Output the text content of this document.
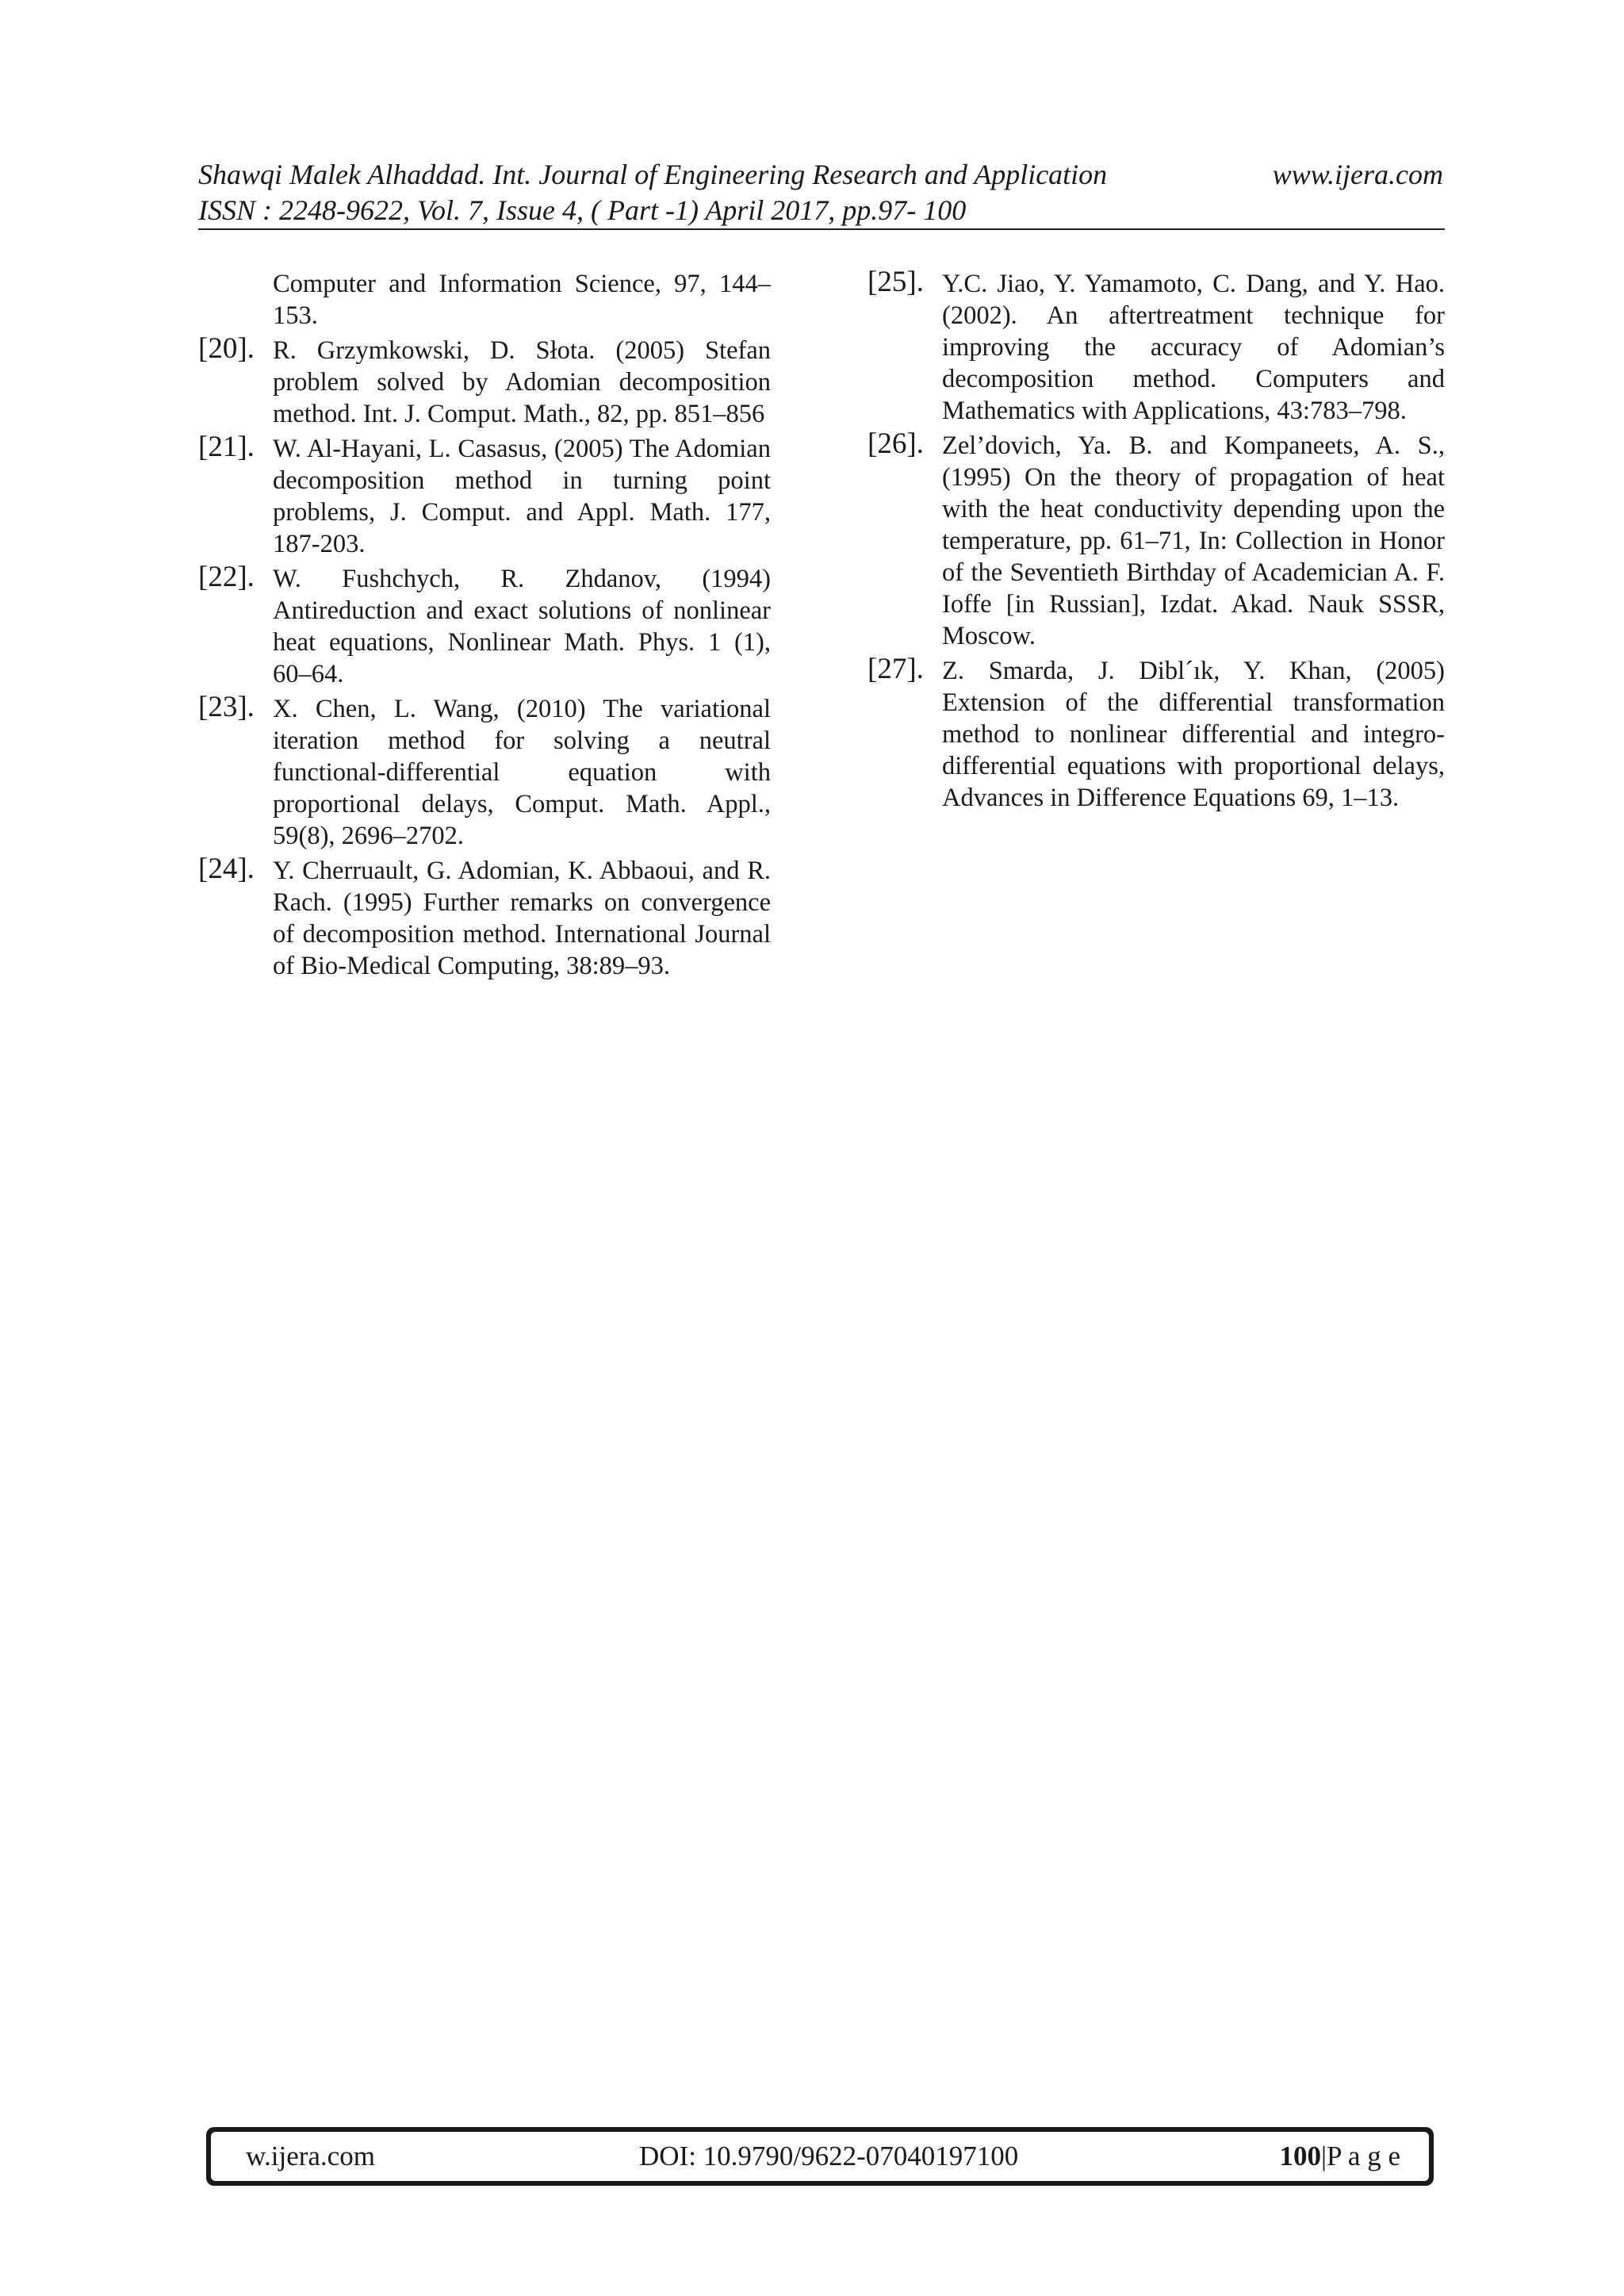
Shawqi Malek Alhaddad. Int. Journal of Engineering Research and Application	www.ijera.com
ISSN : 2248-9622, Vol. 7, Issue 4, ( Part -1) April 2017, pp.97- 100
Computer and Information Science, 97, 144–153.
[20]. R. Grzymkowski, D. Słota. (2005) Stefan problem solved by Adomian decomposition method. Int. J. Comput. Math., 82, pp. 851–856
[21]. W. Al-Hayani, L. Casasus, (2005) The Adomian decomposition method in turning point problems, J. Comput. and Appl. Math. 177, 187-203.
[22]. W. Fushchych, R. Zhdanov, (1994) Antireduction and exact solutions of nonlinear heat equations, Nonlinear Math. Phys. 1 (1), 60–64.
[23]. X. Chen, L. Wang, (2010) The variational iteration method for solving a neutral functional-differential equation with proportional delays, Comput. Math. Appl., 59(8), 2696–2702.
[24]. Y. Cherruault, G. Adomian, K. Abbaoui, and R. Rach. (1995) Further remarks on convergence of decomposition method. International Journal of Bio-Medical Computing, 38:89–93.
[25]. Y.C. Jiao, Y. Yamamoto, C. Dang, and Y. Hao. (2002). An aftertreatment technique for improving the accuracy of Adomian’s decomposition method. Computers and Mathematics with Applications, 43:783–798.
[26]. Zel’dovich, Ya. B. and Kompaneets, A. S., (1995) On the theory of propagation of heat with the heat conductivity depending upon the temperature, pp. 61–71, In: Collection in Honor of the Seventieth Birthday of Academician A. F. Ioffe [in Russian], Izdat. Akad. Nauk SSSR, Moscow.
[27]. Z. Smarda, J. Dibl´ık, Y. Khan, (2005) Extension of the differential transformation method to nonlinear differential and integro-differential equations with proportional delays, Advances in Difference Equations 69, 1–13.
w.ijera.com	DOI: 10.9790/9622-07040197100	100|P a g e
